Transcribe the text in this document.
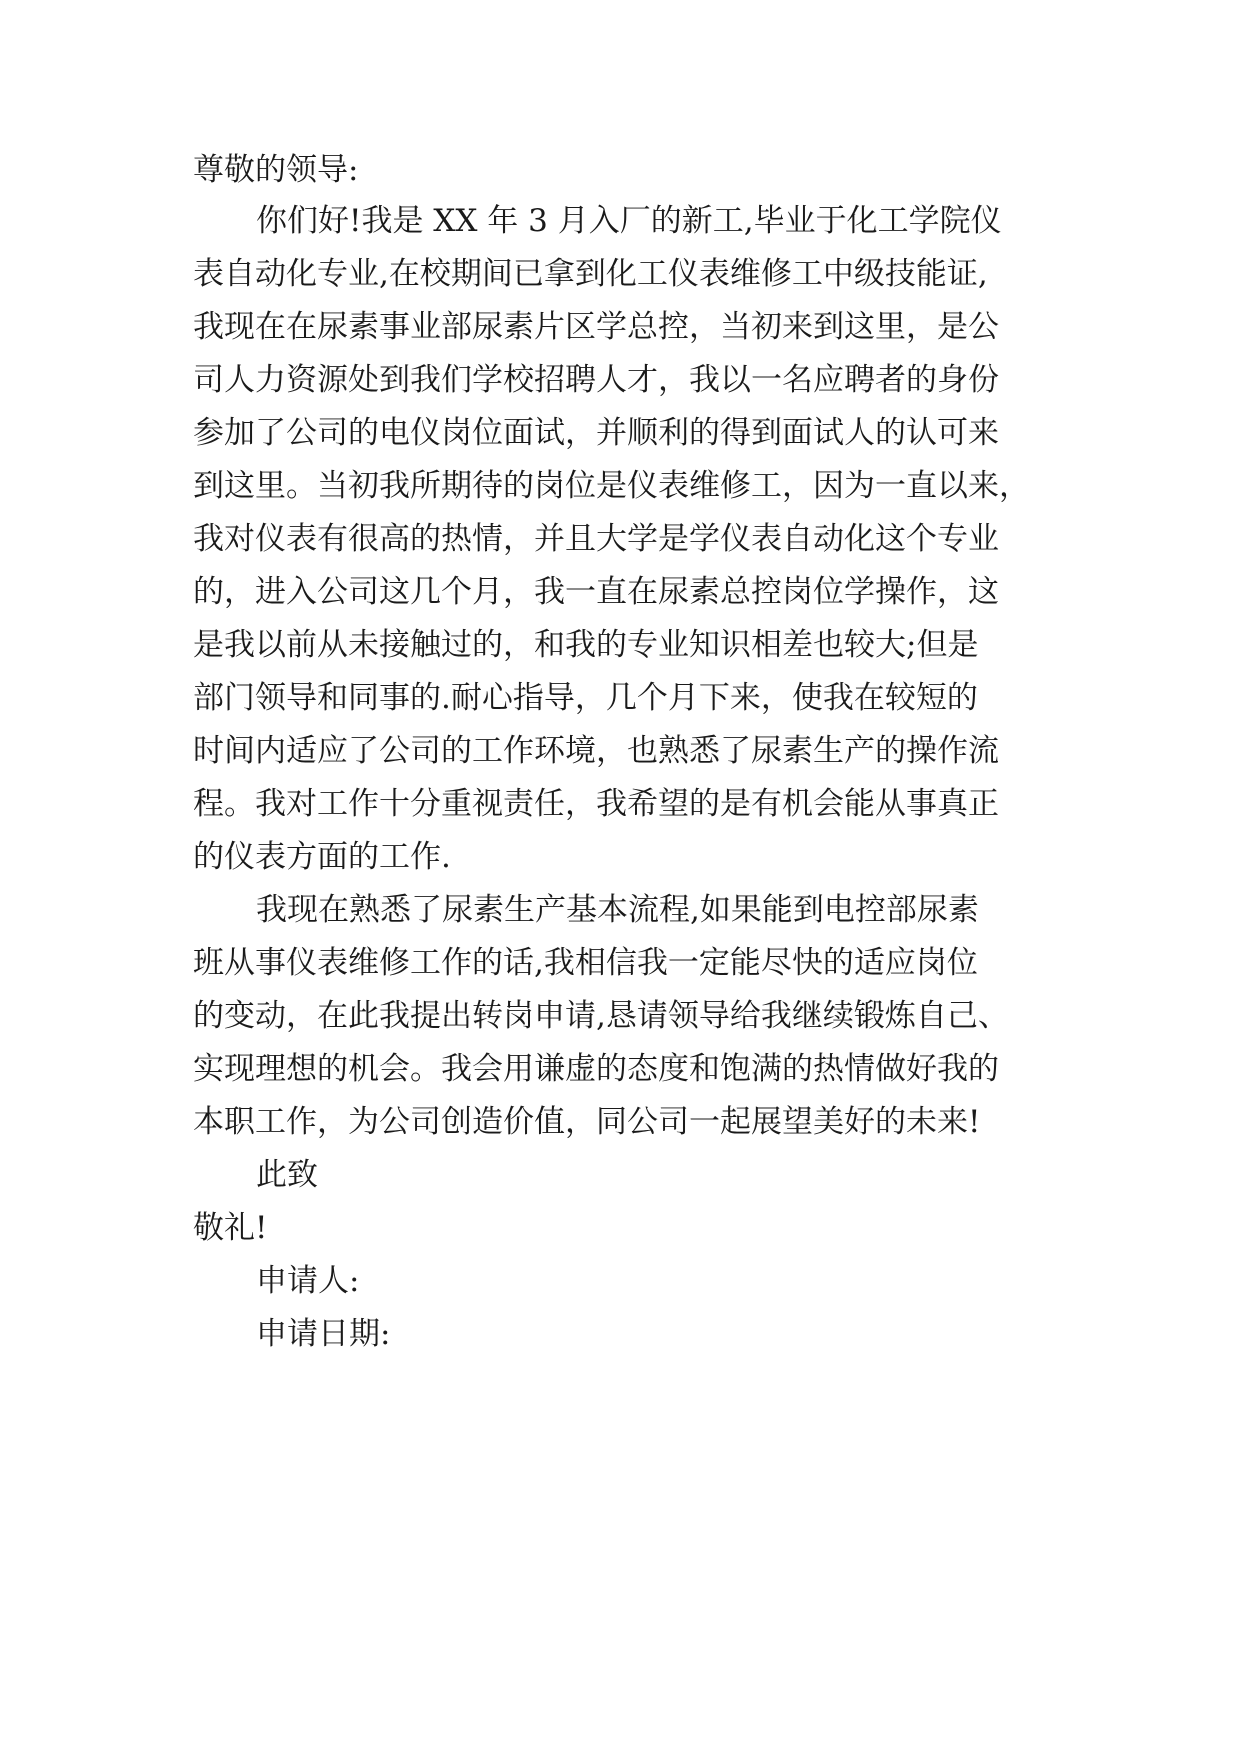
尊敬的领导:

你们好!我是 XX 年 3 月入厂的新工,毕业于化工学院仪

表自动化专业,在校期间已拿到化工仪表维修工中级技能证,

我现在在尿素事业部尿素片区学总控，当初来到这里，是公

司人力资源处到我们学校招聘人才，我以一名应聘者的身份

参加了公司的电仪岗位面试，并顺利的得到面试人的认可来

到这里。当初我所期待的岗位是仪表维修工，因为一直以来，

我对仪表有很高的热情，并且大学是学仪表自动化这个专业

的，进入公司这几个月，我一直在尿素总控岗位学操作，这

是我以前从未接触过的，和我的专业知识相差也较大;但是

部门领导和同事的.耐心指导，几个月下来，使我在较短的

时间内适应了公司的工作环境，也熟悉了尿素生产的操作流

程。我对工作十分重视责任，我希望的是有机会能从事真正

的仪表方面的工作.

我现在熟悉了尿素生产基本流程,如果能到电控部尿素

班从事仪表维修工作的话,我相信我一定能尽快的适应岗位

的变动，在此我提出转岗申请,恳请领导给我继续锻炼自己、

实现理想的机会。我会用谦虚的态度和饱满的热情做好我的

本职工作，为公司创造价值，同公司一起展望美好的未来!

此致

敬礼!

申请人:

申请日期:
